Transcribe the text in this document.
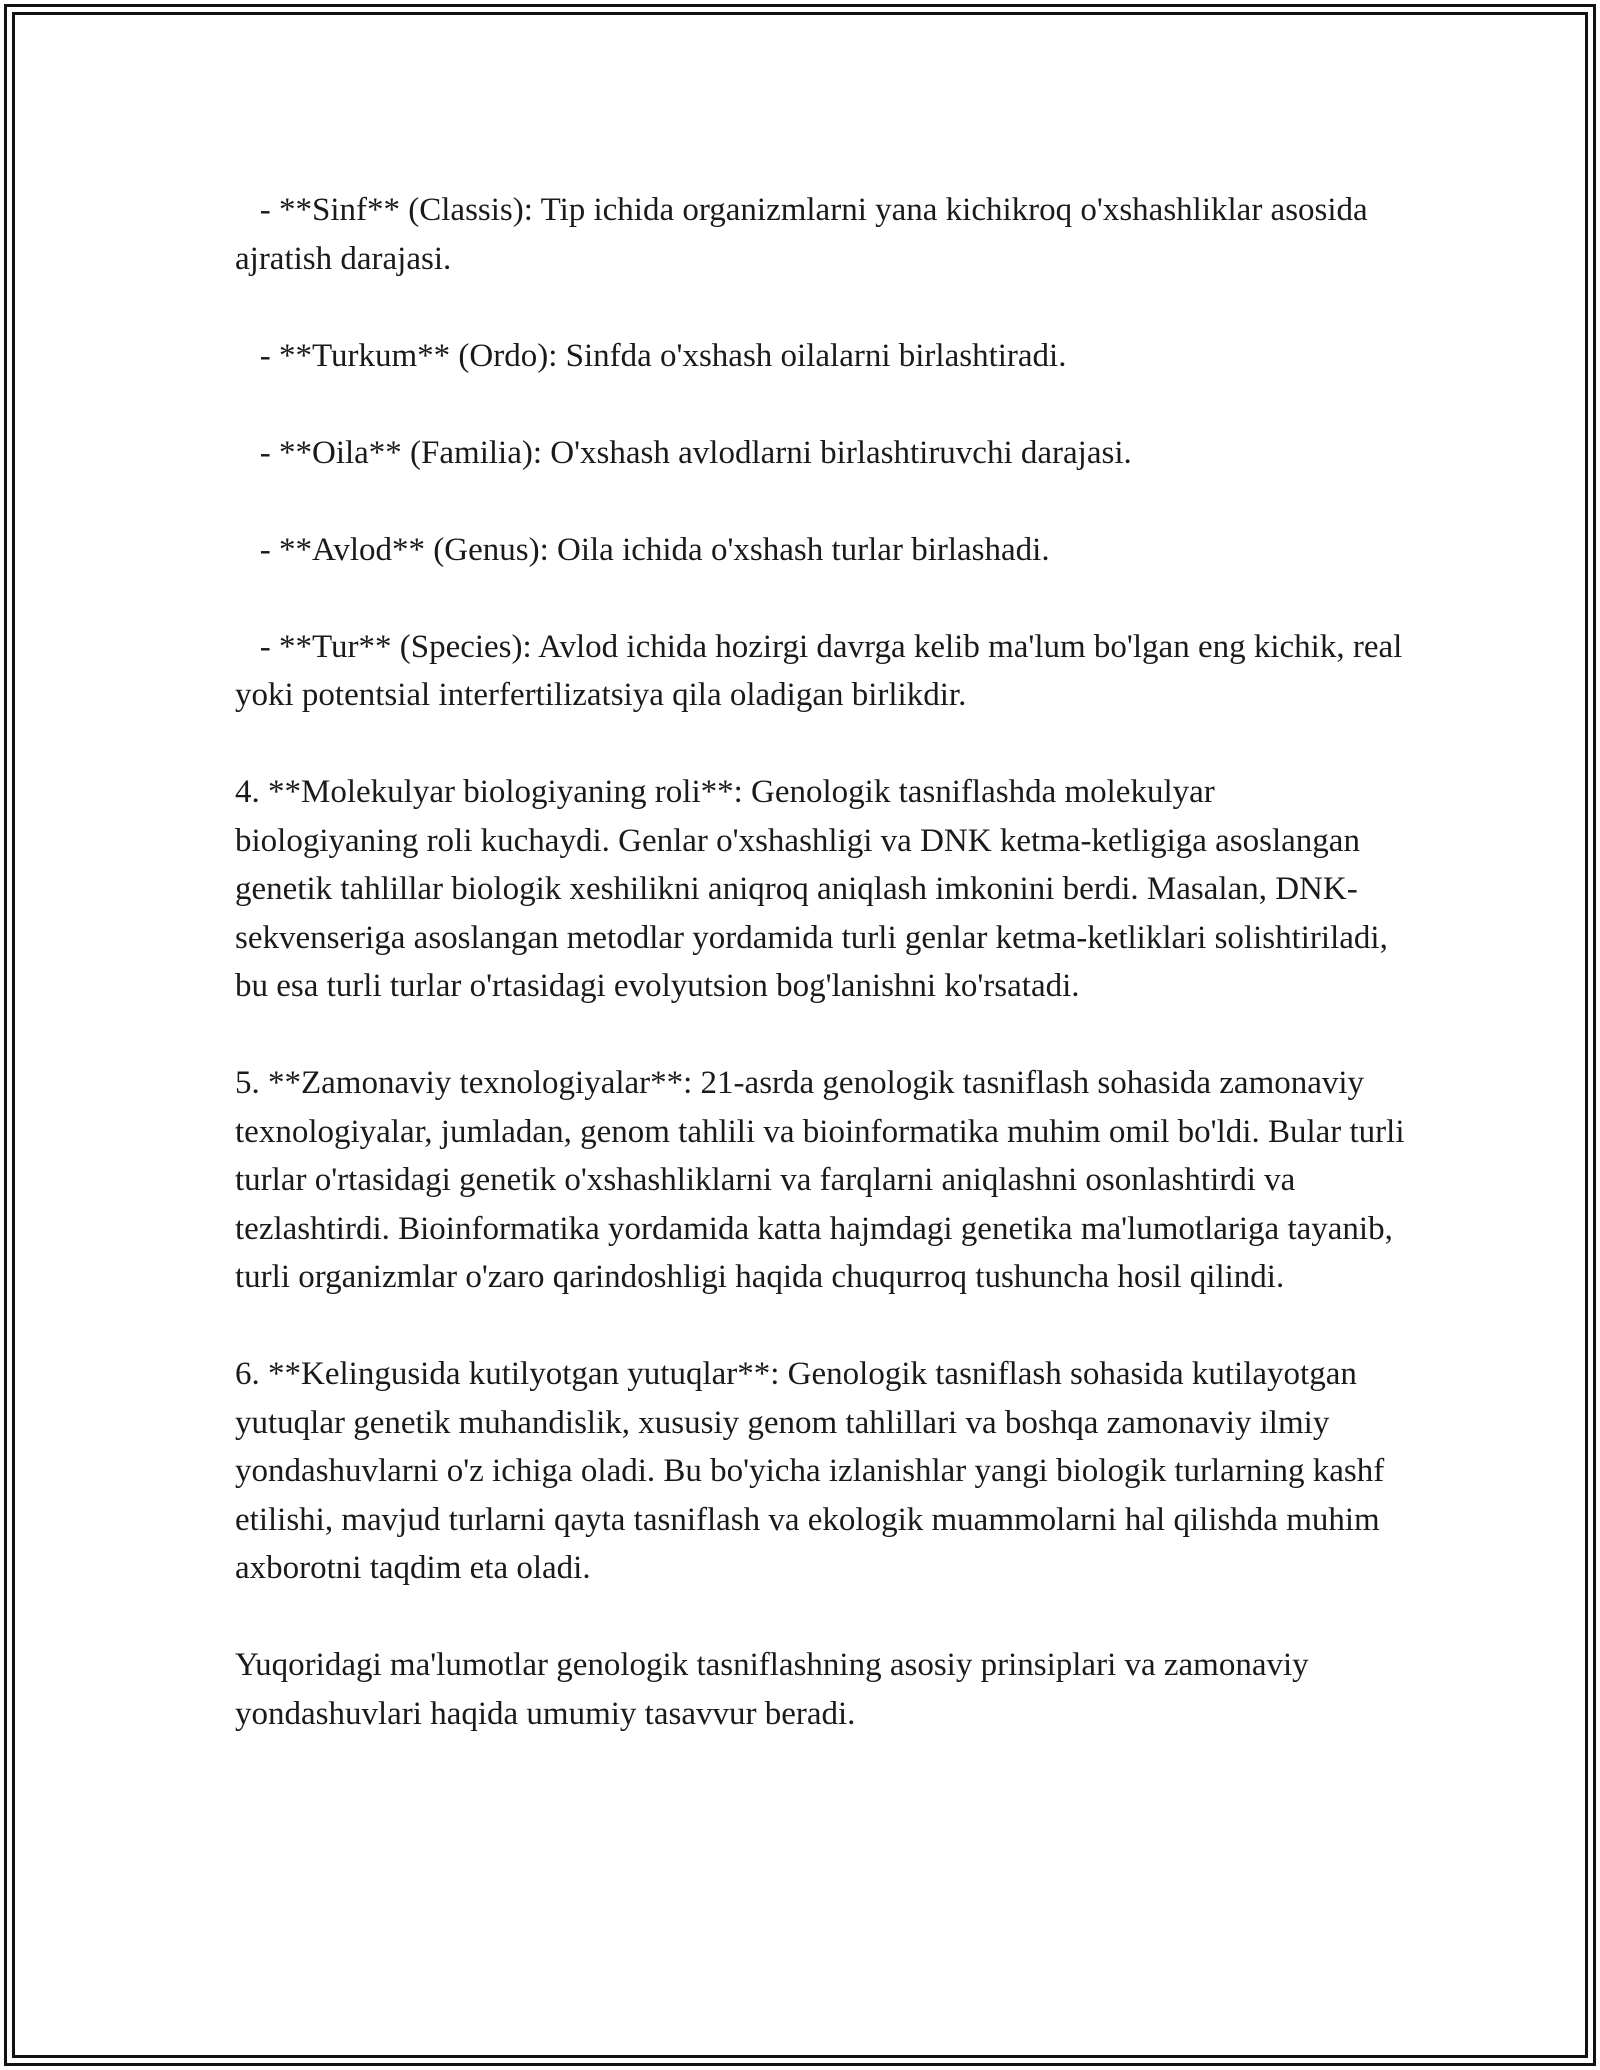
- **Sinf** (Classis): Tip ichida organizmlarni yana kichikroq o'xshashliklar asosida ajratish darajasi.

- **Turkum** (Ordo): Sinfda o'xshash oilalarni birlashtiradi.

- **Oila** (Familia): O'xshash avlodlarni birlashtiruvchi darajasi.

- **Avlod** (Genus): Oila ichida o'xshash turlar birlashadi.

- **Tur** (Species): Avlod ichida hozirgi davrga kelib ma'lum bo'lgan eng kichik, real yoki potentsial interfertilizatsiya qila oladigan birlikdir.

4. **Molekulyar biologiyaning roli**: Genologik tasniflashda molekulyar biologiyaning roli kuchaydi. Genlar o'xshashligi va DNK ketma-ketligiga asoslangan genetik tahlillar biologik xeshilikni aniqroq aniqlash imkonini berdi. Masalan, DNK-sekvenseriga asoslangan metodlar yordamida turli genlar ketma-ketliklari solishtiriladi, bu esa turli turlar o'rtasidagi evolyutsion bog'lanishni ko'rsatadi.

5. **Zamonaviy texnologiyalar**: 21-asrda genologik tasniflash sohasida zamonaviy texnologiyalar, jumladan, genom tahlili va bioinformatika muhim omil bo'ldi. Bular turli turlar o'rtasidagi genetik o'xshashliklarni va farqlarni aniqlashni osonlashtirdi va tezlashtirdi. Bioinformatika yordamida katta hajmdagi genetika ma'lumotlariga tayanib, turli organizmlar o'zaro qarindoshligi haqida chuqurroq tushuncha hosil qilindi.

6. **Kelingusida kutilyotgan yutuqlar**: Genologik tasniflash sohasida kutilayotgan yutuqlar genetik muhandislik, xususiy genom tahlillari va boshqa zamonaviy ilmiy yondashuvlarni o'z ichiga oladi. Bu bo'yicha izlanishlar yangi biologik turlarning kashf etilishi, mavjud turlarni qayta tasniflash va ekologik muammolarni hal qilishda muhim axborotni taqdim eta oladi.

Yuqoridagi ma'lumotlar genologik tasniflashning asosiy prinsiplari va zamonaviy yondashuvlari haqida umumiy tasavvur beradi.
